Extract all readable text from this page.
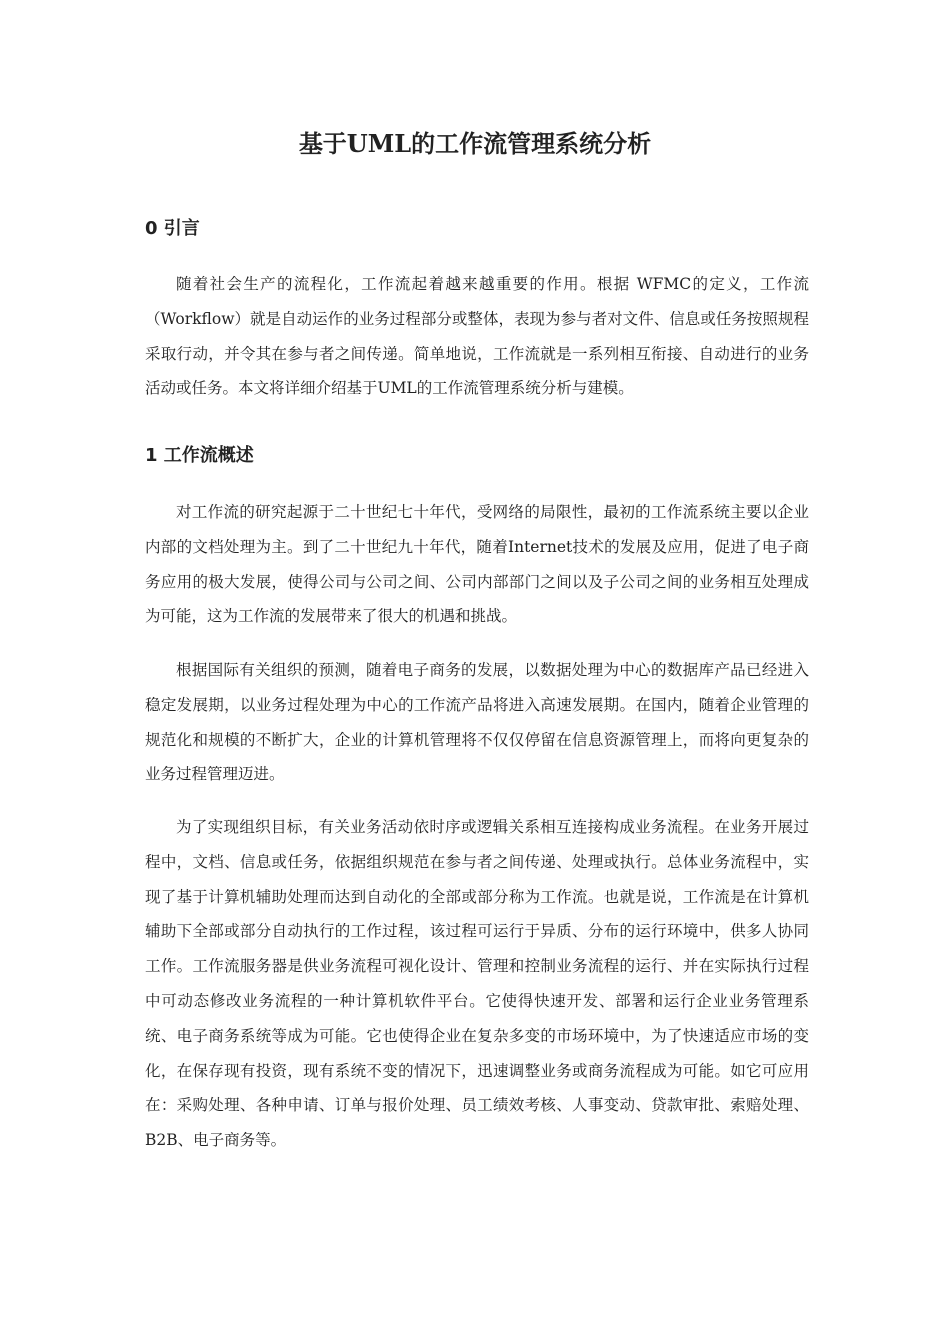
基于UML的工作流管理系统分析
0 引言

随着社会生产的流程化，工作流起着越来越重要的作用。根据 WFMC的定义，工作流（Workflow）就是自动运作的业务过程部分或整体，表现为参与者对文件、信息或任务按照规程采取行动，并令其在参与者之间传递。简单地说，工作流就是一系列相互衔接、自动进行的业务活动或任务。本文将详细介绍基于UML的工作流管理系统分析与建模。

1 工作流概述

对工作流的研究起源于二十世纪七十年代，受网络的局限性，最初的工作流系统主要以企业内部的文档处理为主。到了二十世纪九十年代，随着Internet技术的发展及应用，促进了电子商务应用的极大发展，使得公司与公司之间、公司内部部门之间以及子公司之间的业务相互处理成为可能，这为工作流的发展带来了很大的机遇和挑战。

根据国际有关组织的预测，随着电子商务的发展，以数据处理为中心的数据库产品已经进入稳定发展期，以业务过程处理为中心的工作流产品将进入高速发展期。在国内，随着企业管理的规范化和规模的不断扩大，企业的计算机管理将不仅仅停留在信息资源管理上，而将向更复杂的业务过程管理迈进。

为了实现组织目标，有关业务活动依时序或逻辑关系相互连接构成业务流程。在业务开展过程中，文档、信息或任务，依据组织规范在参与者之间传递、处理或执行。总体业务流程中，实现了基于计算机辅助处理而达到自动化的全部或部分称为工作流。也就是说，工作流是在计算机辅助下全部或部分自动执行的工作过程，该过程可运行于异质、分布的运行环境中，供多人协同工作。工作流服务器是供业务流程可视化设计、管理和控制业务流程的运行、并在实际执行过程中可动态修改业务流程的一种计算机软件平台。它使得快速开发、部署和运行企业业务管理系统、电子商务系统等成为可能。它也使得企业在复杂多变的市场环境中，为了快速适应市场的变化，在保存现有投资，现有系统不变的情况下，迅速调整业务或商务流程成为可能。如它可应用在：采购处理、各种申请、订单与报价处理、员工绩效考核、人事变动、贷款审批、索赔处理、B2B、电子商务等。
